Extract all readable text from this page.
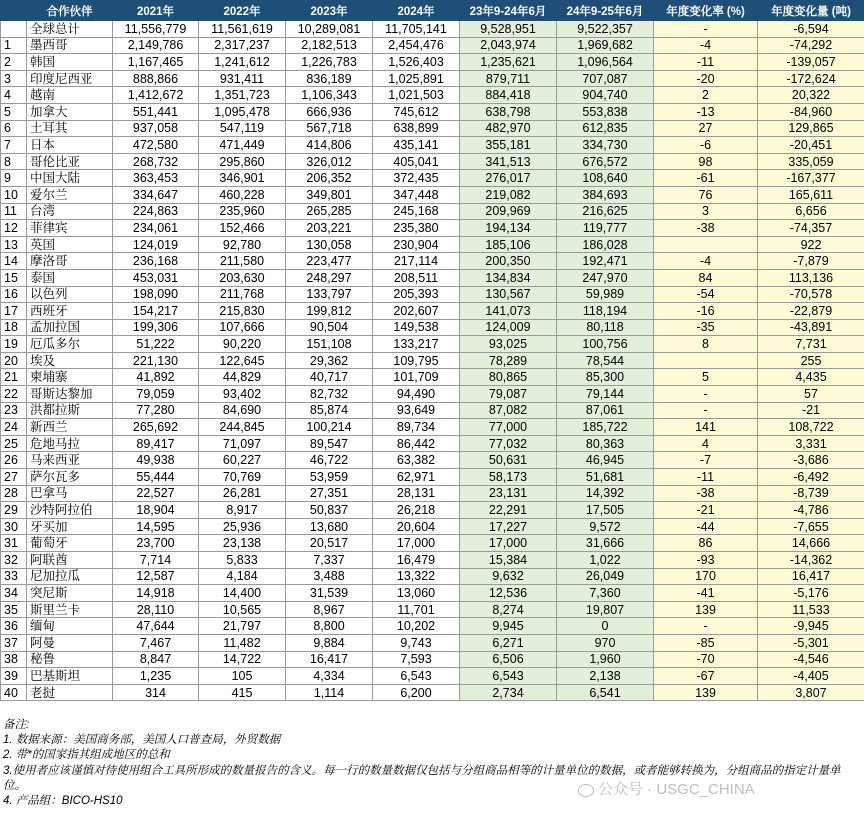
	合作伙伴	2021年	2022年	2023年	2024年	23年9-24年6月	24年9-25年6月	年度变化率 (%)	年度变化量 (吨)
	全球总计	11,556,779	11,561,619	10,289,081	11,705,141	9,528,951	9,522,357	-	-6,594
1	墨西哥	2,149,786	2,317,237	2,182,513	2,454,476	2,043,974	1,969,682	-4	-74,292
2	韩国	1,167,465	1,241,612	1,226,783	1,526,403	1,235,621	1,096,564	-11	-139,057
3	印度尼西亚	888,866	931,411	836,189	1,025,891	879,711	707,087	-20	-172,624
4	越南	1,412,672	1,351,723	1,106,343	1,021,503	884,418	904,740	2	20,322
5	加拿大	551,441	1,095,478	666,936	745,612	638,798	553,838	-13	-84,960
6	土耳其	937,058	547,119	567,718	638,899	482,970	612,835	27	129,865
7	日本	472,580	471,449	414,806	435,141	355,181	334,730	-6	-20,451
8	哥伦比亚	268,732	295,860	326,012	405,041	341,513	676,572	98	335,059
9	中国大陆	363,453	346,901	206,352	372,435	276,017	108,640	-61	-167,377
10	爱尔兰	334,647	460,228	349,801	347,448	219,082	384,693	76	165,611
11	台湾	224,863	235,960	265,285	245,168	209,969	216,625	3	6,656
12	菲律宾	234,061	152,466	203,221	235,380	194,134	119,777	-38	-74,357
13	英国	124,019	92,780	130,058	230,904	185,106	186,028		922
14	摩洛哥	236,168	211,580	223,477	217,114	200,350	192,471	-4	-7,879
15	泰国	453,031	203,630	248,297	208,511	134,834	247,970	84	113,136
16	以色列	198,090	211,768	133,797	205,393	130,567	59,989	-54	-70,578
17	西班牙	154,217	215,830	199,812	202,607	141,073	118,194	-16	-22,879
18	孟加拉国	199,306	107,666	90,504	149,538	124,009	80,118	-35	-43,891
19	厄瓜多尔	51,222	90,220	151,108	133,217	93,025	100,756	8	7,731
20	埃及	221,130	122,645	29,362	109,795	78,289	78,544		255
21	柬埔寨	41,892	44,829	40,717	101,709	80,865	85,300	5	4,435
22	哥斯达黎加	79,059	93,402	82,732	94,490	79,087	79,144	-	57
23	洪都拉斯	77,280	84,690	85,874	93,649	87,082	87,061	-	-21
24	新西兰	265,692	244,845	100,214	89,734	77,000	185,722	141	108,722
25	危地马拉	89,417	71,097	89,547	86,442	77,032	80,363	4	3,331
26	马来西亚	49,938	60,227	46,722	63,382	50,631	46,945	-7	-3,686
27	萨尔瓦多	55,444	70,769	53,959	62,971	58,173	51,681	-11	-6,492
28	巴拿马	22,527	26,281	27,351	28,131	23,131	14,392	-38	-8,739
29	沙特阿拉伯	18,904	8,917	50,837	26,218	22,291	17,505	-21	-4,786
30	牙买加	14,595	25,936	13,680	20,604	17,227	9,572	-44	-7,655
31	葡萄牙	23,700	23,138	20,517	17,000	17,000	31,666	86	14,666
32	阿联酋	7,714	5,833	7,337	16,479	15,384	1,022	-93	-14,362
33	尼加拉瓜	12,587	4,184	3,488	13,322	9,632	26,049	170	16,417
34	突尼斯	14,918	14,400	31,539	13,060	12,536	7,360	-41	-5,176
35	斯里兰卡	28,110	10,565	8,967	11,701	8,274	19,807	139	11,533
36	缅甸	47,644	21,797	8,800	10,202	9,945	0	-	-9,945
37	阿曼	7,467	11,482	9,884	9,743	6,271	970	-85	-5,301
38	秘鲁	8,847	14,722	16,417	7,593	6,506	1,960	-70	-4,546
39	巴基斯坦	1,235	105	4,334	6,543	6,543	2,138	-67	-4,405
40	老挝	314	415	1,114	6,200	2,734	6,541	139	3,807
备注:
1. 数据来源：美国商务部，美国人口普查局，外贸数据
2. 带*的国家指其组成地区的总和
3.使用者应该谨慎对待使用组合工具所形成的数量报告的含义。每一行的数量数据仅包括与分组商品相等的计量单位的数据，或者能够转换为，分组商品的指定计量单位。
4. 产品组：BICO-HS10
公众号 · USGC_CHINA
